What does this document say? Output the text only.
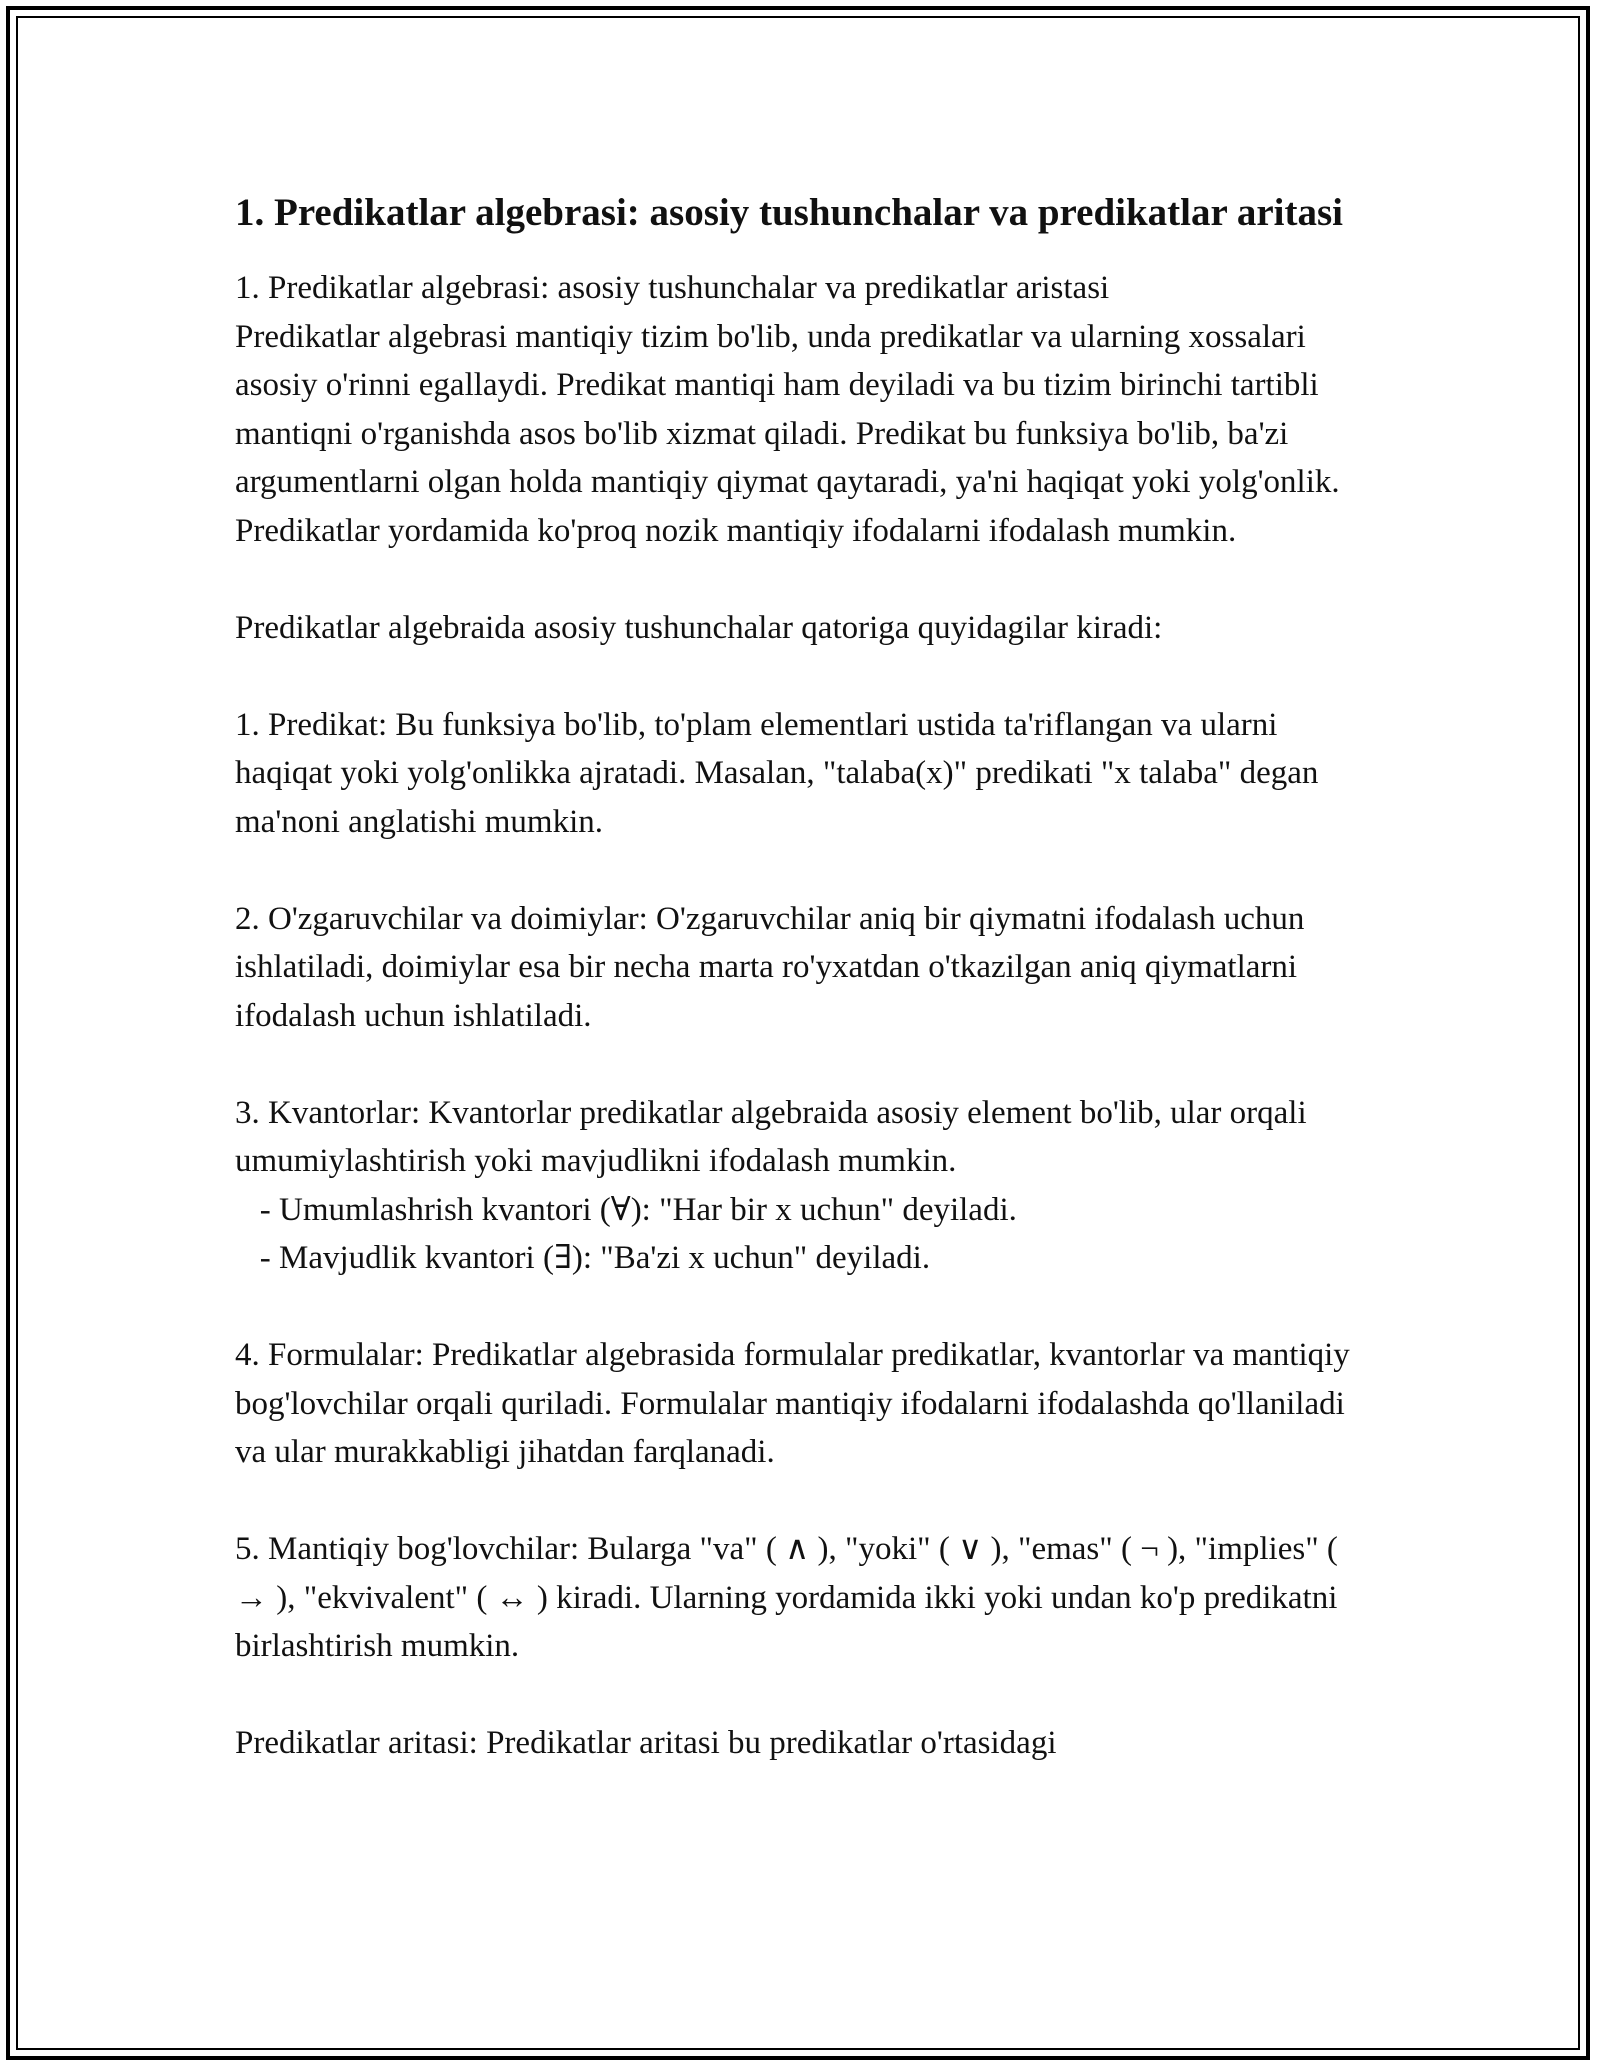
1. Predikatlar algebrasi: asosiy tushunchalar va predikatlar aritasi

1. Predikatlar algebrasi: asosiy tushunchalar va predikatlar aristasi
Predikatlar algebrasi mantiqiy tizim bo'lib, unda predikatlar va ularning xossalari asosiy o'rinni egallaydi. Predikat mantiqi ham deyiladi va bu tizim birinchi tartibli mantiqni o'rganishda asos bo'lib xizmat qiladi. Predikat bu funksiya bo'lib, ba'zi argumentlarni olgan holda mantiqiy qiymat qaytaradi, ya'ni haqiqat yoki yolg'onlik. Predikatlar yordamida ko'proq nozik mantiqiy ifodalarni ifodalash mumkin.

Predikatlar algebraida asosiy tushunchalar qatoriga quyidagilar kiradi:

1. Predikat: Bu funksiya bo'lib, to'plam elementlari ustida ta'riflangan va ularni haqiqat yoki yolg'onlikka ajratadi. Masalan, "talaba(x)" predikati "x talaba" degan ma'noni anglatishi mumkin.

2. O'zgaruvchilar va doimiylar: O'zgaruvchilar aniq bir qiymatni ifodalash uchun ishlatiladi, doimiylar esa bir necha marta ro'yxatdan o'tkazilgan aniq qiymatlarni ifodalash uchun ishlatiladi.

3. Kvantorlar: Kvantorlar predikatlar algebraida asosiy element bo'lib, ular orqali umumiylashtirish yoki mavjudlikni ifodalash mumkin.
- Umumlashrish kvantori (∀): "Har bir x uchun" deyiladi.
- Mavjudlik kvantori (∃): "Ba'zi x uchun" deyiladi.

4. Formulalar: Predikatlar algebrasida formulalar predikatlar, kvantorlar va mantiqiy bog'lovchilar orqali quriladi. Formulalar mantiqiy ifodalarni ifodalashda qo'llaniladi va ular murakkabligi jihatdan farqlanadi.

5. Mantiqiy bog'lovchilar: Bularga "va" ( ∧ ), "yoki" ( ∨ ), "emas" ( ¬ ), "implies" ( → ), "ekvivalent" ( ↔ ) kiradi. Ularning yordamida ikki yoki undan ko'p predikatni birlashtirish mumkin.

Predikatlar aritasi: Predikatlar aritasi bu predikatlar o'rtasidagi
